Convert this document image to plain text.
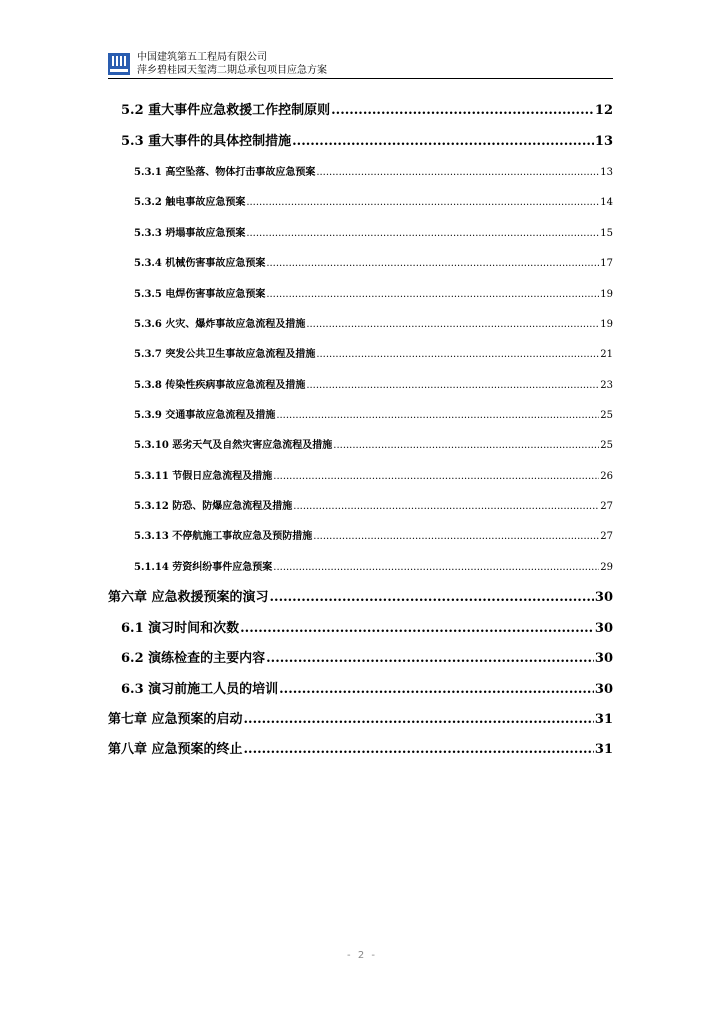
中国建筑第五工程局有限公司
萍乡碧桂园天玺湾二期总承包项目应急方案
5.2 重大事件应急救援工作控制原则 .....	12
5.3 重大事件的具体控制措施 .....	13
5.3.1 高空坠落、物体打击事故应急预案 .....	13
5.3.2 触电事故应急预案 .....	14
5.3.3 坍塌事故应急预案 .....	15
5.3.4 机械伤害事故应急预案 .....	17
5.3.5 电焊伤害事故应急预案 .....	19
5.3.6 火灾、爆炸事故应急流程及措施 .....	19
5.3.7 突发公共卫生事故应急流程及措施 .....	21
5.3.8 传染性疾病事故应急流程及措施 .....	23
5.3.9 交通事故应急流程及措施 .....	25
5.3.10 恶劣天气及自然灾害应急流程及措施 .....	25
5.3.11 节假日应急流程及措施 .....	26
5.3.12 防恐、防爆应急流程及措施 .....	27
5.3.13 不停航施工事故应急及预防措施 .....	27
5.1.14 劳资纠纷事件应急预案 .....	29
第六章 应急救援预案的演习 .....	30
6.1 演习时间和次数 .....	30
6.2 演练检查的主要内容 .....	30
6.3 演习前施工人员的培训 .....	30
第七章 应急预案的启动 .....	31
第八章 应急预案的终止 .....	31
- 2 -
